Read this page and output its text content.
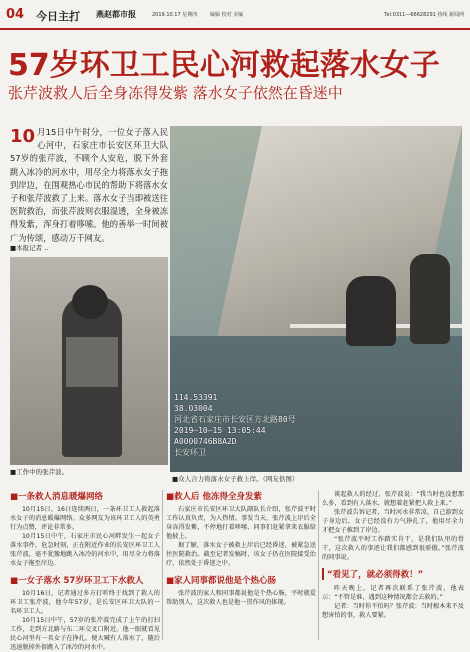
04 今日主打 燕赵都市报	2019.10.17 星期四	编辑 校对 美编	Tel:0311—66628291 热线 新闻网
57岁环卫工民心河救起落水女子
张芹波救人后全身冻得发紫 落水女子依然在昏迷中
10 月15日中午时分，一位女子落入民心河中，石家庄市长安区环卫大队57岁的张芹波，不顾个人安危，脱下外套跳入冰冷的河水中，用尽全力将落水女子拖到岸边，在围观热心市民的帮助下将落水女子和张芹波救了上来。落水女子当即被送往医院救治，而张芹波则衣服湿透，全身被冻得发紫，浑身打着哆嗦。他的善举一时间被广为传颂，感动万千网友。
■本报记者 ..
■工作中的张芹波。
114.53391
38.03004
河北省石家庄市长安区方北路80号
2019—10—15 13:05:44
A0000746B8A2D
长安环卫
■众人合力将落水女子救上岸。（网友供图）
■一条救人消息暖爆网络

10月15日、16日连续两日，一条环卫工人救起落水女子的消息暖爆网络。众多网友为该环卫工人的英勇行为点赞，评论非常多。

10月15日中午，石家庄市民心河畔发生一起女子落水事件，危急时刻，正在附近作业的长安区环卫工人张芹波，毫不犹豫地跳入冰冷的河水中，用尽全力将落水女子拖至岸边。

■一女子落水 57岁环卫工下水救人

10月16日，记者通过多方打听终于找到了救人的环卫工张芹波，他今年57岁，是长安区环卫大队的一名环卫工人。

10月15日中午，57岁的张芹波完成了上午的打扫工作，走到方北路与东二环交叉口附近。他一眼就看见民心河里有一名女子在挣扎，便大喊有人落水了，随后迅速脱掉外套跳入了冰冷的河水中。

■救人后 他冻得全身发紫

石家庄市长安区环卫大队副队长介绍，张芹波平时工作认真负责，为人热情。事发当天，张芹波上岸后全身冻得发紫，不停地打着哆嗦，同事们赶紧拿来衣服给他披上。

据了解，落水女子被救上岸后已经昏迷，被紧急送往医院救治。截至记者发稿时，该女子仍在医院接受治疗，依然处于昏迷之中。

■家人同事都说他是个热心肠

张芹波的家人和同事都说他是个热心肠，平时就爱帮助别人，这次救人也是他一贯作风的体现。

谈起救人的经过，张芹波说：“我当时也没想那么多，看到有人落水，就想着赶紧把人救上来。”

张芹波告诉记者，当时河水非常凉，自己游到女子身边后，女子已经没有力气挣扎了，他用尽全力才把女子推到了岸边。

“张芹波平时工作踏实肯干，是我们队里的骨干，这次救人的事迹让我们都感到很骄傲。”张芹波的同事说。

“看见了，就必须得救！”

昨天晚上，记者再次联系了张芹波，他表示：“不管是谁，遇到这种情况都会去救的。”

记者：当时你不怕吗？张芹波：当时根本来不及想害怕的事，救人要紧。
